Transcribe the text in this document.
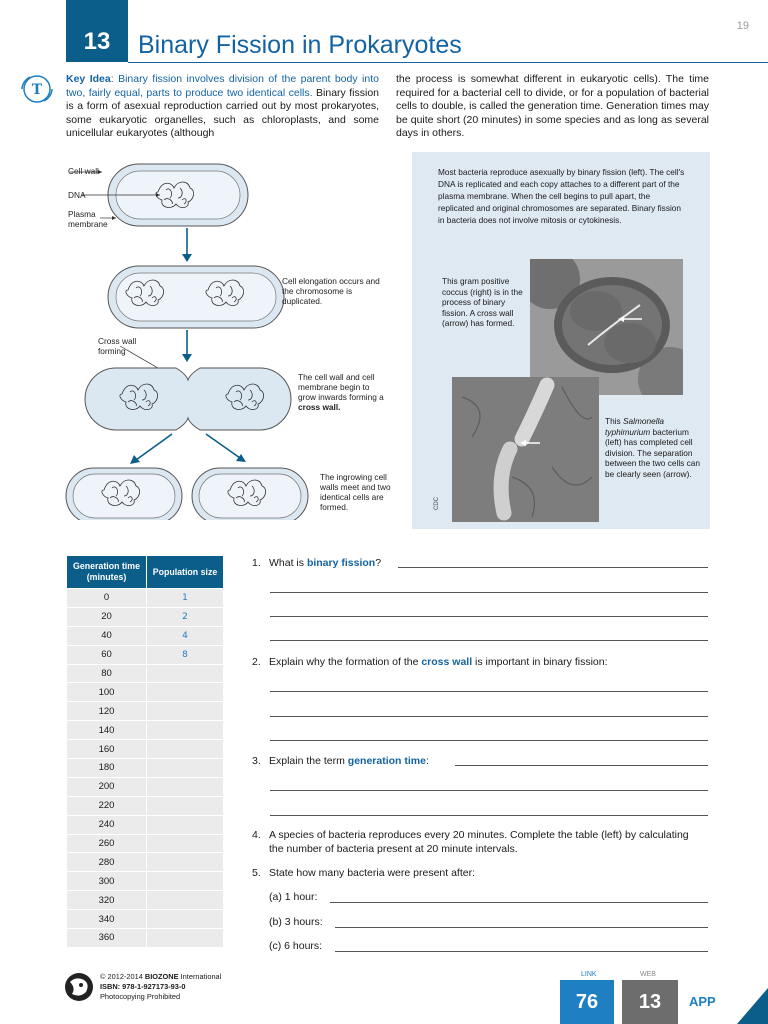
13	Binary Fission in Prokaryotes
19
T
Key Idea: Binary fission involves division of the parent body into two, fairly equal, parts to produce two identical cells. Binary fission is a form of asexual reproduction carried out by most prokaryotes, some eukaryotic organelles, such as chloroplasts, and some unicellular eukaryotes (although
the process is somewhat different in eukaryotic cells). The time required for a bacterial cell to divide, or for a population of bacterial cells to double, is called the generation time. Generation times may be quite short (20 minutes) in some species and as long as several days in others.
Cell wall
DNA
Plasma
membrane
Cell elongation occurs and the chromosome is duplicated.
Cross wall
forming
The cell wall and cell membrane begin to grow inwards forming a cross wall.
The ingrowing cell walls meet and two identical cells are formed.
Most bacteria reproduce asexually by binary fission (left). The cell's DNA is replicated and each copy attaches to a different part of the plasma membrane. When the cell begins to pull apart, the replicated and original chromosomes are separated. Binary fission in bacteria does not involve mitosis or cytokinesis.
This gram positive coccus (right) is in the process of binary fission. A cross wall (arrow) has formed.
This Salmonella typhimurium bacterium (left) has completed cell division. The separation between the two cells can be clearly seen (arrow).
CDC
Generation time (minutes)	Population size
0	1
20	2
40	4
60	8
80	
100	
120	
140	
160	
180	
200	
220	
240	
260	
280	
300	
320	
340	
360	
1. What is binary fission?
2. Explain why the formation of the cross wall is important in binary fission:
3. Explain the term generation time:
4. A species of bacteria reproduces every 20 minutes. Complete the table (left) by calculating the number of bacteria present at 20 minute intervals.
5. State how many bacteria were present after:
(a) 1 hour:
(b) 3 hours:
(c) 6 hours:
© 2012-2014 BIOZONE International
ISBN: 978-1-927173-93-0
Photocopying Prohibited
LINK	WEB
76	13	APP
